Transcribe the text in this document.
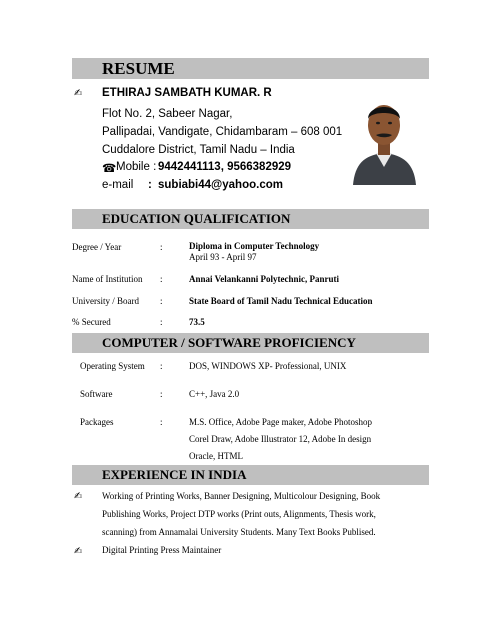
RESUME
✍ ETHIRAJ SAMBATH KUMAR. R
Flot No. 2, Sabeer Nagar,
Pallipadai, Vandigate, Chidambaram – 608 001
Cuddalore District, Tamil Nadu – India
☎ Mobile : 9442441113, 9566382929
e-mail : subiabi44@yahoo.com
EDUCATION QUALIFICATION
Degree / Year	:	Diploma in Computer Technology
April 93 - April 97
Name of Institution :	Annai Velankanni Polytechnic, Panruti
University / Board :	State Board of Tamil Nadu Technical Education
% Secured	:	73.5
COMPUTER / SOFTWARE PROFICIENCY
Operating System :	DOS, WINDOWS XP- Professional, UNIX
Software	:	C++, Java 2.0
Packages	:	M.S. Office, Adobe Page maker, Adobe Photoshop
Corel Draw, Adobe Illustrator 12, Adobe In design
Oracle, HTML
EXPERIENCE IN INDIA
✍ Working of Printing Works, Banner Designing, Multicolour Designing, Book
Publishing Works, Project DTP works (Print outs, Alignments, Thesis work,
scanning) from Annamalai University Students. Many Text Books Publised.
✍ Digital Printing Press Maintainer
